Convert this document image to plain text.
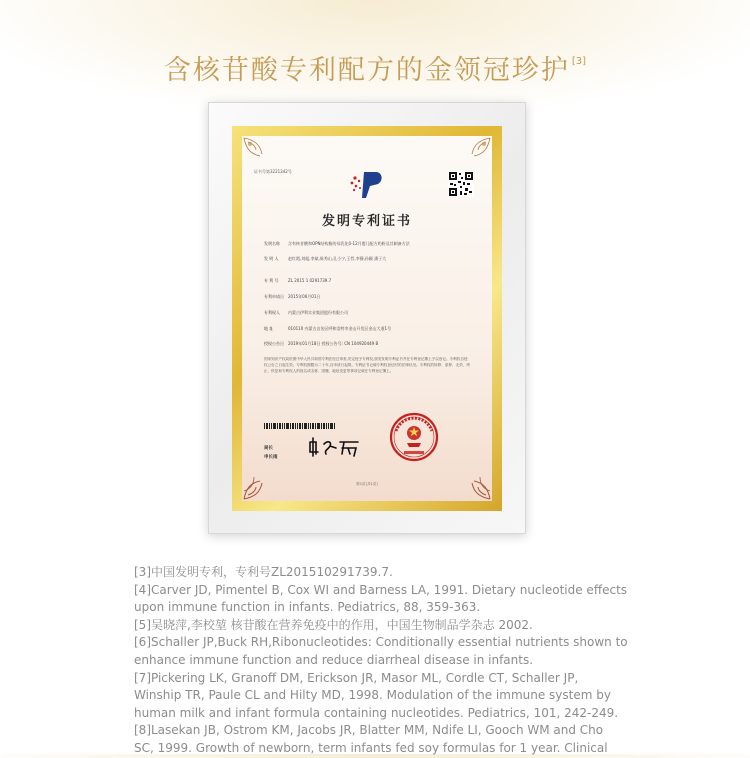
含核苷酸专利配方的金领冠珍护 [3]
证书号第3221342号
发明专利证书
发明名称 含有核苷酸和OPN结构脂的母乳化0-12月婴儿配方奶粉及其制备方法
发 明 人 赵红霞,刘彪,李斌,陈秀山,孔小宁,王哲,李静,孙颖 潘子大
专 利 号 ZL 2015 1 0291739.7
专利申请日 2015年06月01日
专利权人 内蒙古伊利实业集团股份有限公司
地 址	010110 内蒙古自治区呼和浩特市金山开发区金山大道1号
授权公告日 2019年01月18日 授权公告号: CN 104920449 B
国家知识产权局依照中华人民共和国专利法经过审查,决定授予专利权,颁发发明专利证书并在专利登记簿上予以登记。专利权自授权公告之日起生效。专利权期限为二十年,自申请日起算。专利证书记载专利权登记时的法律状况。专利权的转移、质押、无效、终止、恢复和专利权人的姓名或名称、国籍、地址变更等事项记载在专利登记簿上。
局长
申长雨
第1页(共1页)
[3]中国发明专利，专利号ZL201510291739.7.
[4]Carver JD, Pimentel B, Cox WI and Barness LA, 1991. Dietary nucleotide effects
upon immune function in infants. Pediatrics, 88, 359-363.
[5]吴晓萍,李校堃 核苷酸在营养免疫中的作用，中国生物制品学杂志 2002.
[6]Schaller JP,Buck RH,Ribonucleotides: Conditionally essential nutrients shown to
enhance immune function and reduce diarrheal disease in infants.
[7]Pickering LK, Granoff DM, Erickson JR, Masor ML, Cordle CT, Schaller JP,
Winship TR, Paule CL and Hilty MD, 1998. Modulation of the immune system by
human milk and infant formula containing nucleotides. Pediatrics, 101, 242-249.
[8]Lasekan JB, Ostrom KM, Jacobs JR, Blatter MM, Ndife LI, Gooch WM and Cho
SC, 1999. Growth of newborn, term infants fed soy formulas for 1 year. Clinical
